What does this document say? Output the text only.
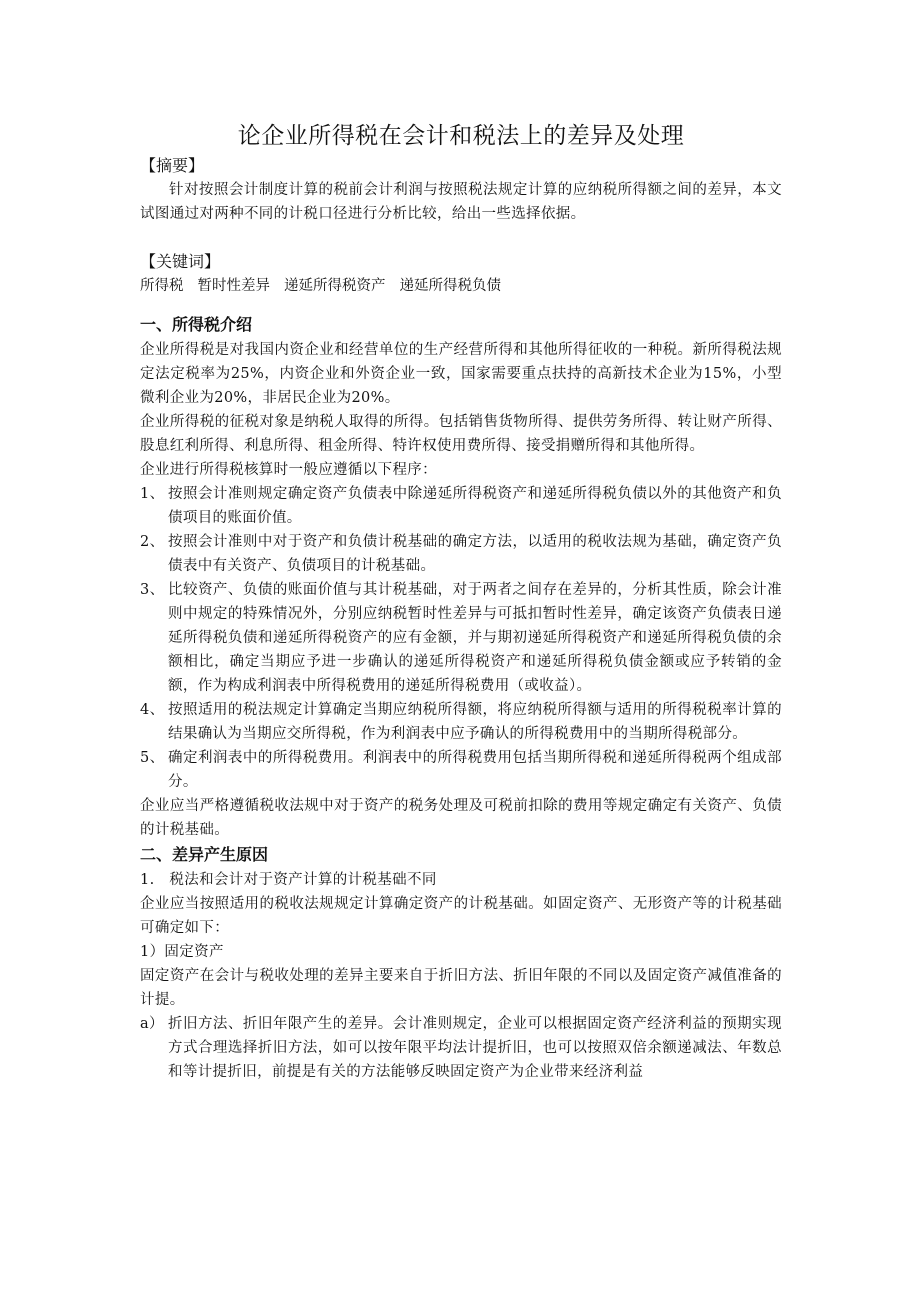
论企业所得税在会计和税法上的差异及处理

【摘要】

针对按照会计制度计算的税前会计利润与按照税法规定计算的应纳税所得额之间的差异，本文试图通过对两种不同的计税口径进行分析比较，给出一些选择依据。

【关键词】

所得税 暂时性差异 递延所得税资产 递延所得税负债

一、所得税介绍

企业所得税是对我国内资企业和经营单位的生产经营所得和其他所得征收的一种税。新所得税法规定法定税率为25%，内资企业和外资企业一致，国家需要重点扶持的高新技术企业为15%，小型微利企业为20%，非居民企业为20%。

企业所得税的征税对象是纳税人取得的所得。包括销售货物所得、提供劳务所得、转让财产所得、股息红利所得、利息所得、租金所得、特许权使用费所得、接受捐赠所得和其他所得。

企业进行所得税核算时一般应遵循以下程序：

1、 按照会计准则规定确定资产负债表中除递延所得税资产和递延所得税负债以外的其他资产和负债项目的账面价值。
2、 按照会计准则中对于资产和负债计税基础的确定方法，以适用的税收法规为基础，确定资产负债表中有关资产、负债项目的计税基础。
3、 比较资产、负债的账面价值与其计税基础，对于两者之间存在差异的，分析其性质，除会计准则中规定的特殊情况外，分别应纳税暂时性差异与可抵扣暂时性差异，确定该资产负债表日递延所得税负债和递延所得税资产的应有金额，并与期初递延所得税资产和递延所得税负债的余额相比，确定当期应予进一步确认的递延所得税资产和递延所得税负债金额或应予转销的金额，作为构成利润表中所得税费用的递延所得税费用（或收益）。
4、 按照适用的税法规定计算确定当期应纳税所得额，将应纳税所得额与适用的所得税税率计算的结果确认为当期应交所得税，作为利润表中应予确认的所得税费用中的当期所得税部分。
5、 确定利润表中的所得税费用。利润表中的所得税费用包括当期所得税和递延所得税两个组成部分。

企业应当严格遵循税收法规中对于资产的税务处理及可税前扣除的费用等规定确定有关资产、负债的计税基础。

二、差异产生原因

1.　税法和会计对于资产计算的计税基础不同

企业应当按照适用的税收法规规定计算确定资产的计税基础。如固定资产、无形资产等的计税基础可确定如下：

1）固定资产

固定资产在会计与税收处理的差异主要来自于折旧方法、折旧年限的不同以及固定资产减值准备的计提。

a） 折旧方法、折旧年限产生的差异。会计准则规定，企业可以根据固定资产经济利益的预期实现方式合理选择折旧方法，如可以按年限平均法计提折旧，也可以按照双倍余额递减法、年数总和等计提折旧，前提是有关的方法能够反映固定资产为企业带来经济利益
